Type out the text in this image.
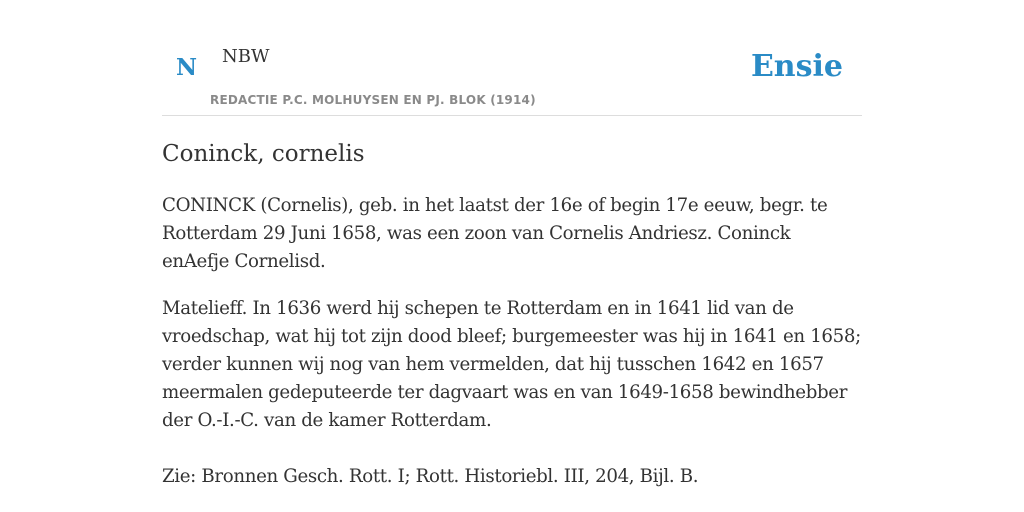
N NBW
REDACTIE P.C. MOLHUYSEN EN PJ. BLOK (1914)
Ensie
Coninck, cornelis

CONINCK (Cornelis), geb. in het laatst der 16e of begin 17e eeuw, begr. te Rotterdam 29 Juni 1658, was een zoon van Cornelis Andriesz. Coninck enAefje Cornelisd.

Matelieff. In 1636 werd hij schepen te Rotterdam en in 1641 lid van de vroedschap, wat hij tot zijn dood bleef; burgemeester was hij in 1641 en 1658; verder kunnen wij nog van hem vermelden, dat hij tusschen 1642 en 1657 meermalen gedeputeerde ter dagvaart was en van 1649-1658 bewindhebber der O.-I.-C. van de kamer Rotterdam.

Zie: Bronnen Gesch. Rott. I; Rott. Historiebl. III, 204, Bijl. B.
